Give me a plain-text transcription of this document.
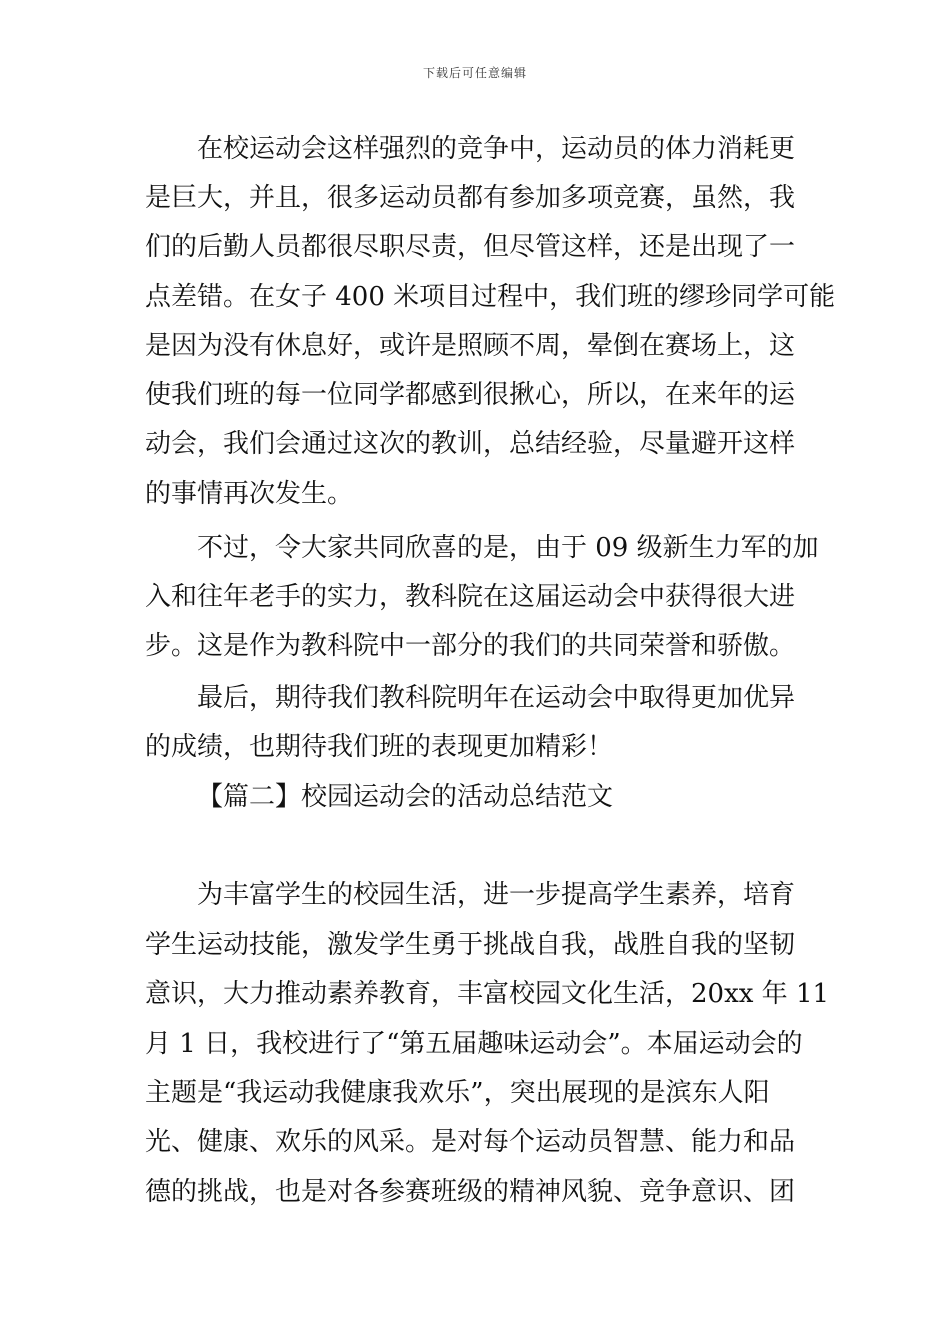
下载后可任意编辑
在校运动会这样强烈的竞争中，运动员的体力消耗更
是巨大，并且，很多运动员都有参加多项竞赛，虽然，我
们的后勤人员都很尽职尽责，但尽管这样，还是出现了一
点差错。在女子 400 米项目过程中，我们班的缪珍同学可能
是因为没有休息好，或许是照顾不周，晕倒在赛场上，这
使我们班的每一位同学都感到很揪心，所以，在来年的运
动会，我们会通过这次的教训，总结经验，尽量避开这样
的事情再次发生。
不过，令大家共同欣喜的是，由于 09 级新生力军的加
入和往年老手的实力，教科院在这届运动会中获得很大进
步。这是作为教科院中一部分的我们的共同荣誉和骄傲。
最后，期待我们教科院明年在运动会中取得更加优异
的成绩，也期待我们班的表现更加精彩！
【篇二】校园运动会的活动总结范文
为丰富学生的校园生活，进一步提高学生素养，培育
学生运动技能，激发学生勇于挑战自我，战胜自我的坚韧
意识，大力推动素养教育，丰富校园文化生活，20xx 年 11
月 1 日，我校进行了“第五届趣味运动会”。本届运动会的
主题是“我运动我健康我欢乐”，突出展现的是滨东人阳
光、健康、欢乐的风采。是对每个运动员智慧、能力和品
德的挑战，也是对各参赛班级的精神风貌、竞争意识、团
